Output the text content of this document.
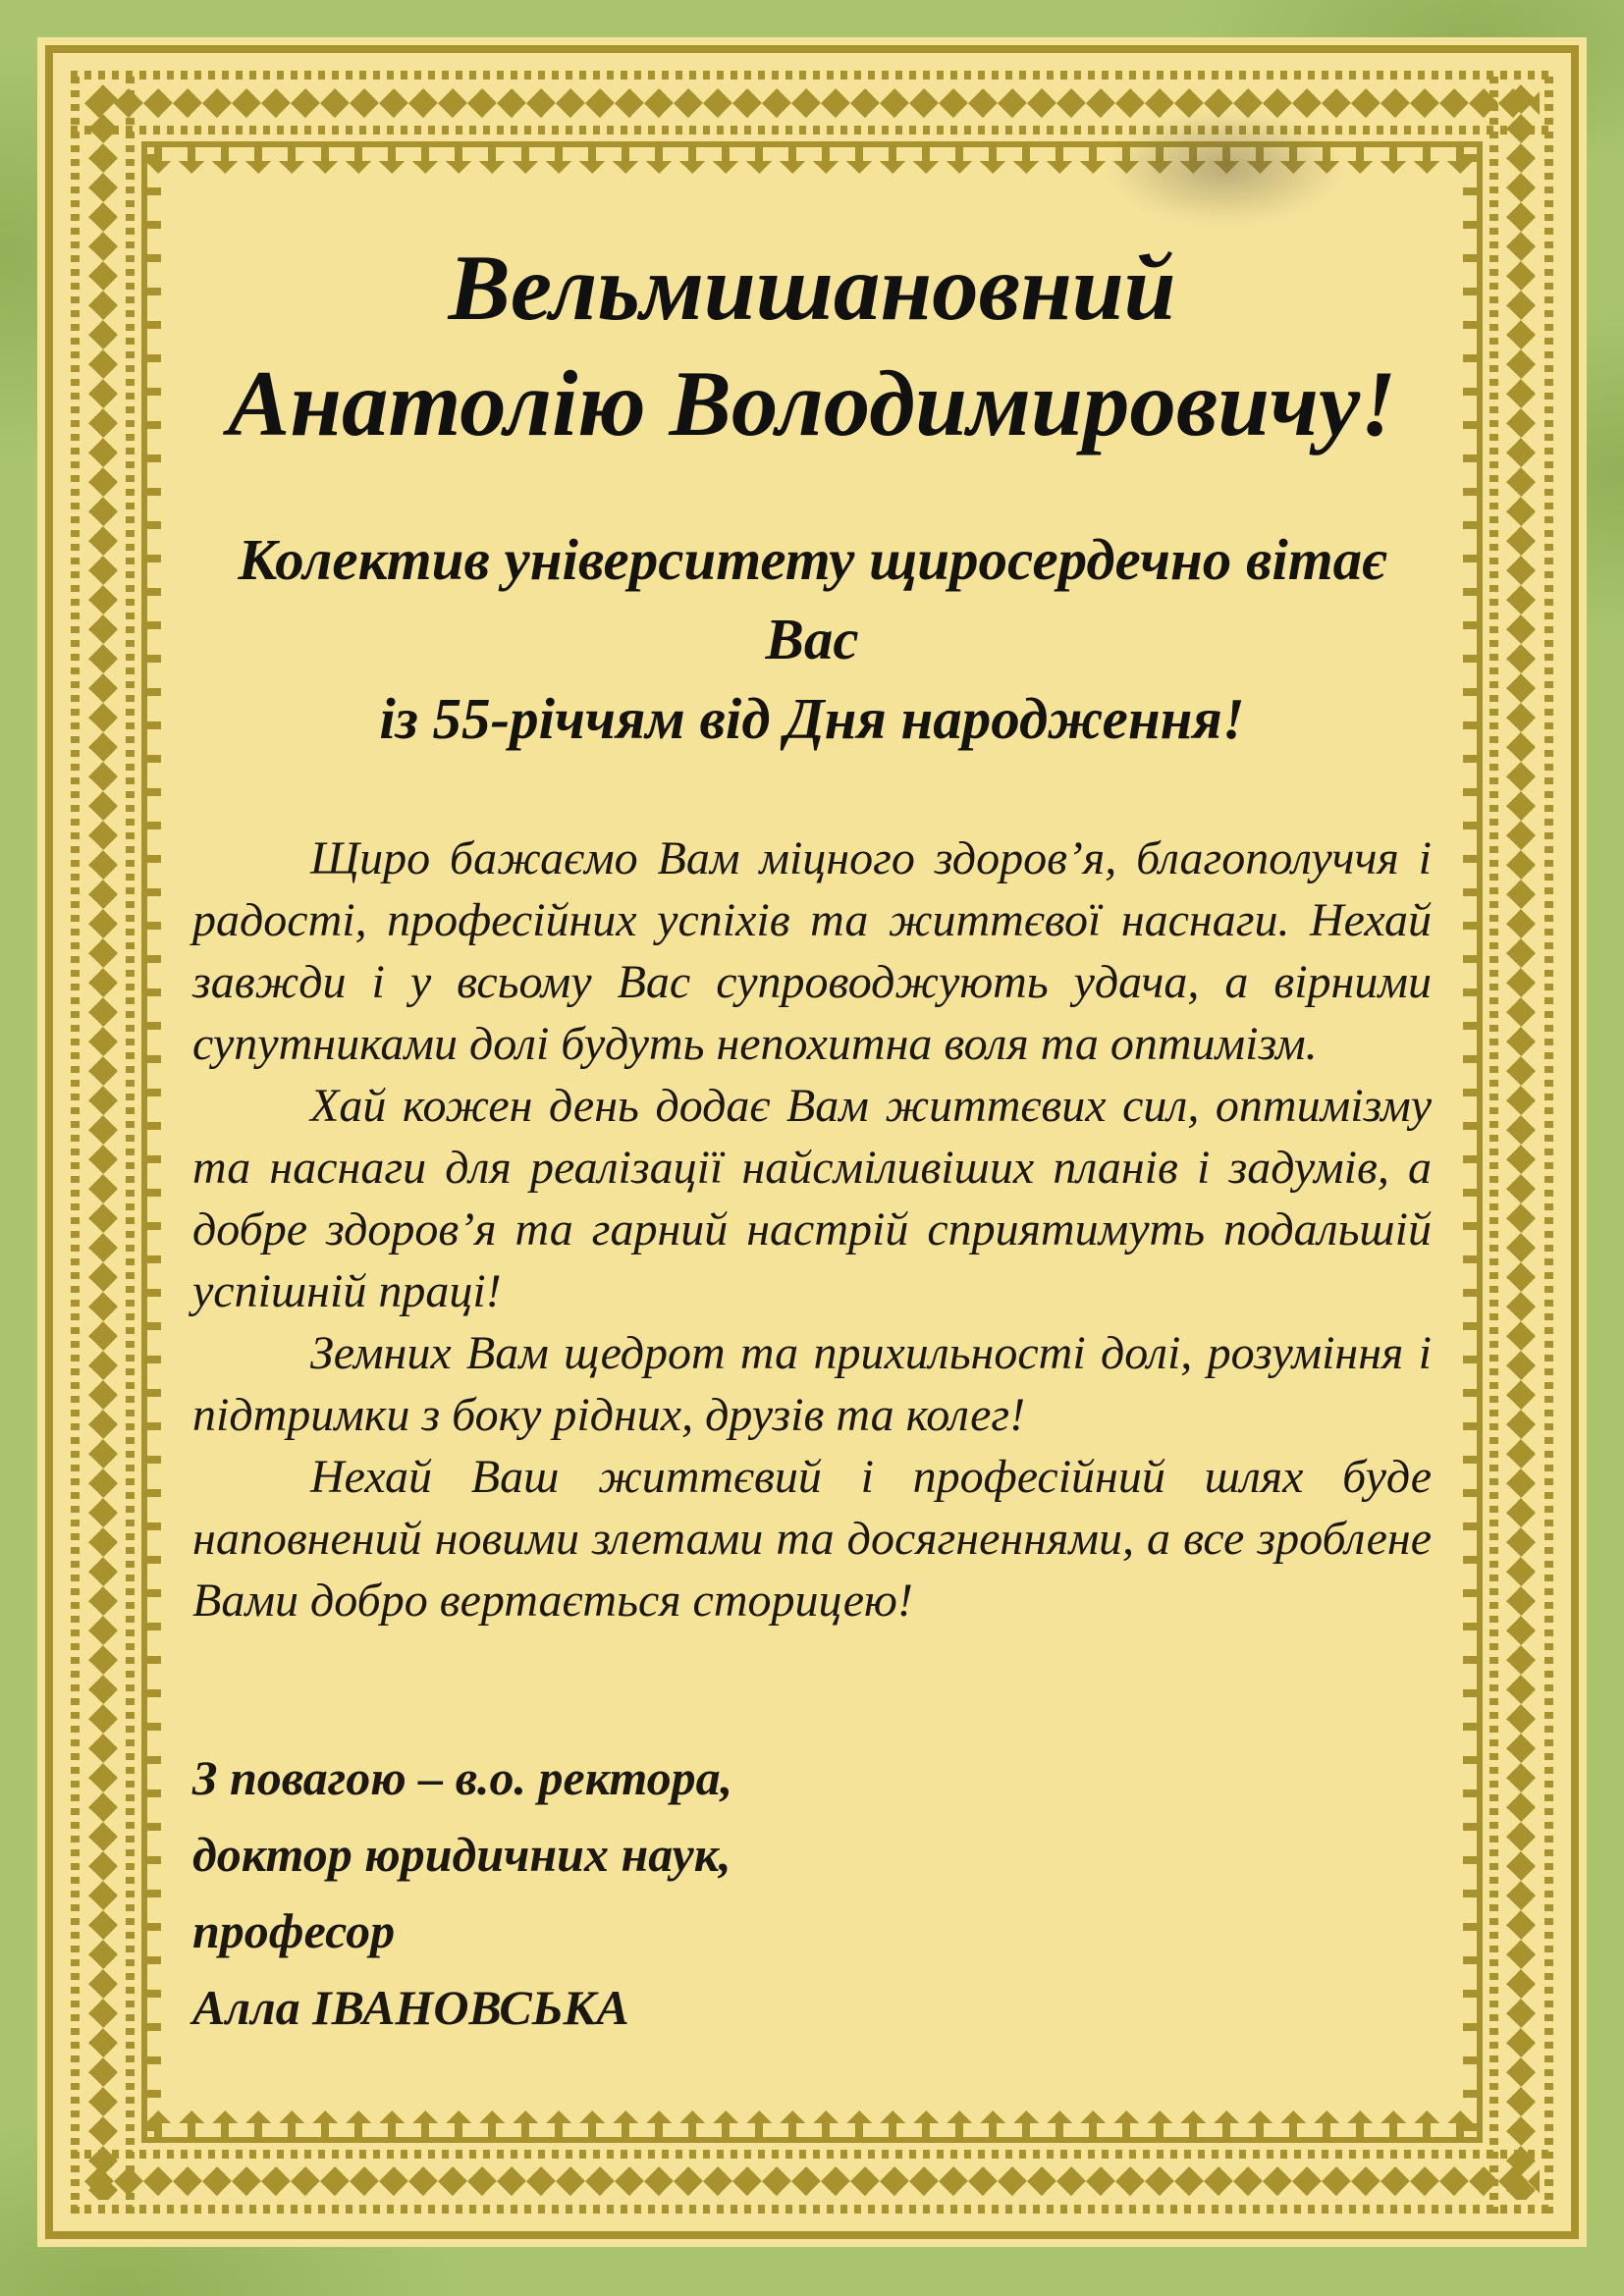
Вельмишановний
Анатолію Володимировичу!
Колектив університету щиросердечно вітає Вас
із 55-річчям від Дня народження!

Щиро бажаємо Вам міцного здоров’я, благополуччя і радості, професійних успіхів та життєвої наснаги. Нехай завжди і у всьому Вас супроводжують удача, а вірними супутниками долі будуть непохитна воля та оптимізм.

Хай кожен день додає Вам життєвих сил, оптимізму та наснаги для реалізації найсміливіших планів і задумів, а добре здоров’я та гарний настрій сприятимуть подальшій успішній праці!

Земних Вам щедрот та прихильності долі, розуміння і підтримки з боку рідних, друзів та колег!

Нехай Ваш життєвий і професійний шлях буде наповнений новими злетами та досягненнями, а все зроблене Вами добро вертається сторицею!

З повагою – в.о. ректора,
доктор юридичних наук,
професор
Алла ІВАНОВСЬКА
